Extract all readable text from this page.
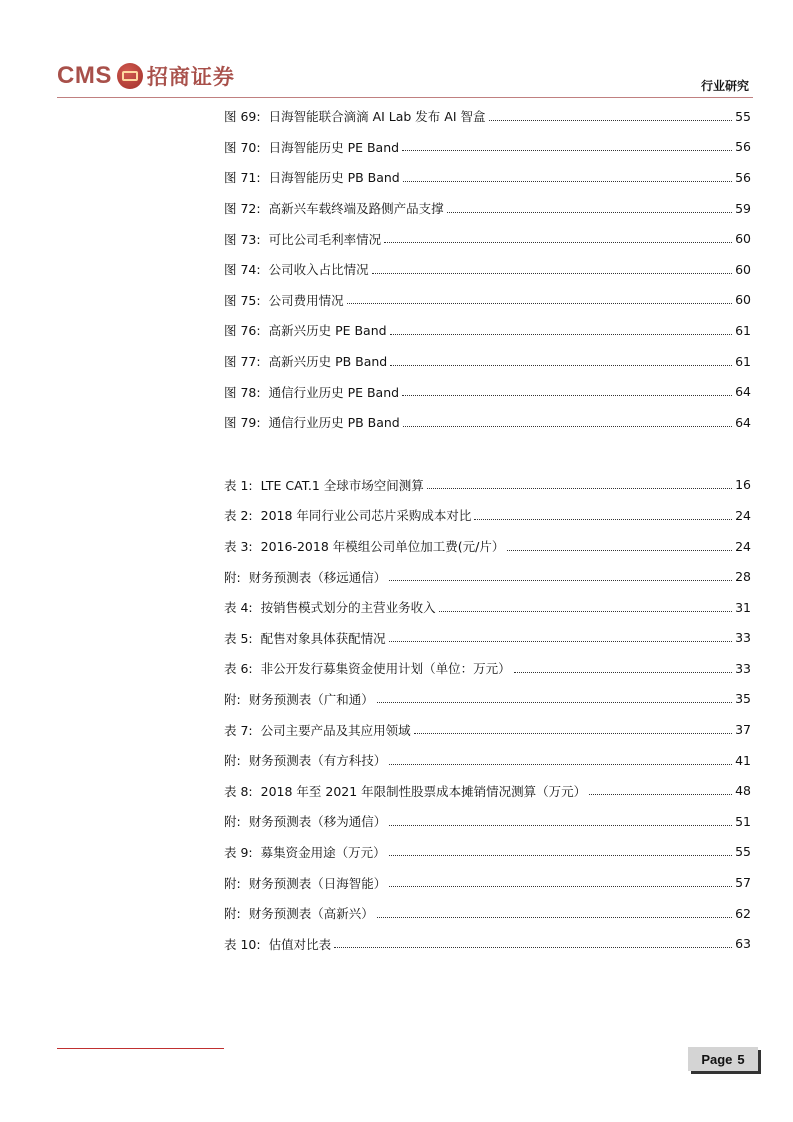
CMS 招商证券	行业研究
图 69: 日海智能联合滴滴 AI Lab 发布 AI 智盒	55
图 70: 日海智能历史 PE Band	56
图 71: 日海智能历史 PB Band	56
图 72: 高新兴车载终端及路侧产品支撑	59
图 73: 可比公司毛利率情况	60
图 74: 公司收入占比情况	60
图 75: 公司费用情况	60
图 76: 高新兴历史 PE Band	61
图 77: 高新兴历史 PB Band	61
图 78: 通信行业历史 PE Band	64
图 79: 通信行业历史 PB Band	64
表 1: LTE CAT.1 全球市场空间测算	16
表 2: 2018 年同行业公司芯片采购成本对比	24
表 3: 2016-2018 年模组公司单位加工费(元/片）	24
附: 财务预测表（移远通信）	28
表 4: 按销售模式划分的主营业务收入	31
表 5: 配售对象具体获配情况	33
表 6: 非公开发行募集资金使用计划（单位：万元）	33
附: 财务预测表（广和通）	35
表 7: 公司主要产品及其应用领域	37
附: 财务预测表（有方科技）	41
表 8: 2018 年至 2021 年限制性股票成本摊销情况测算（万元）	48
附: 财务预测表（移为通信）	51
表 9: 募集资金用途（万元）	55
附: 财务预测表（日海智能）	57
附: 财务预测表（高新兴）	62
表 10: 估值对比表	63
Page 5
